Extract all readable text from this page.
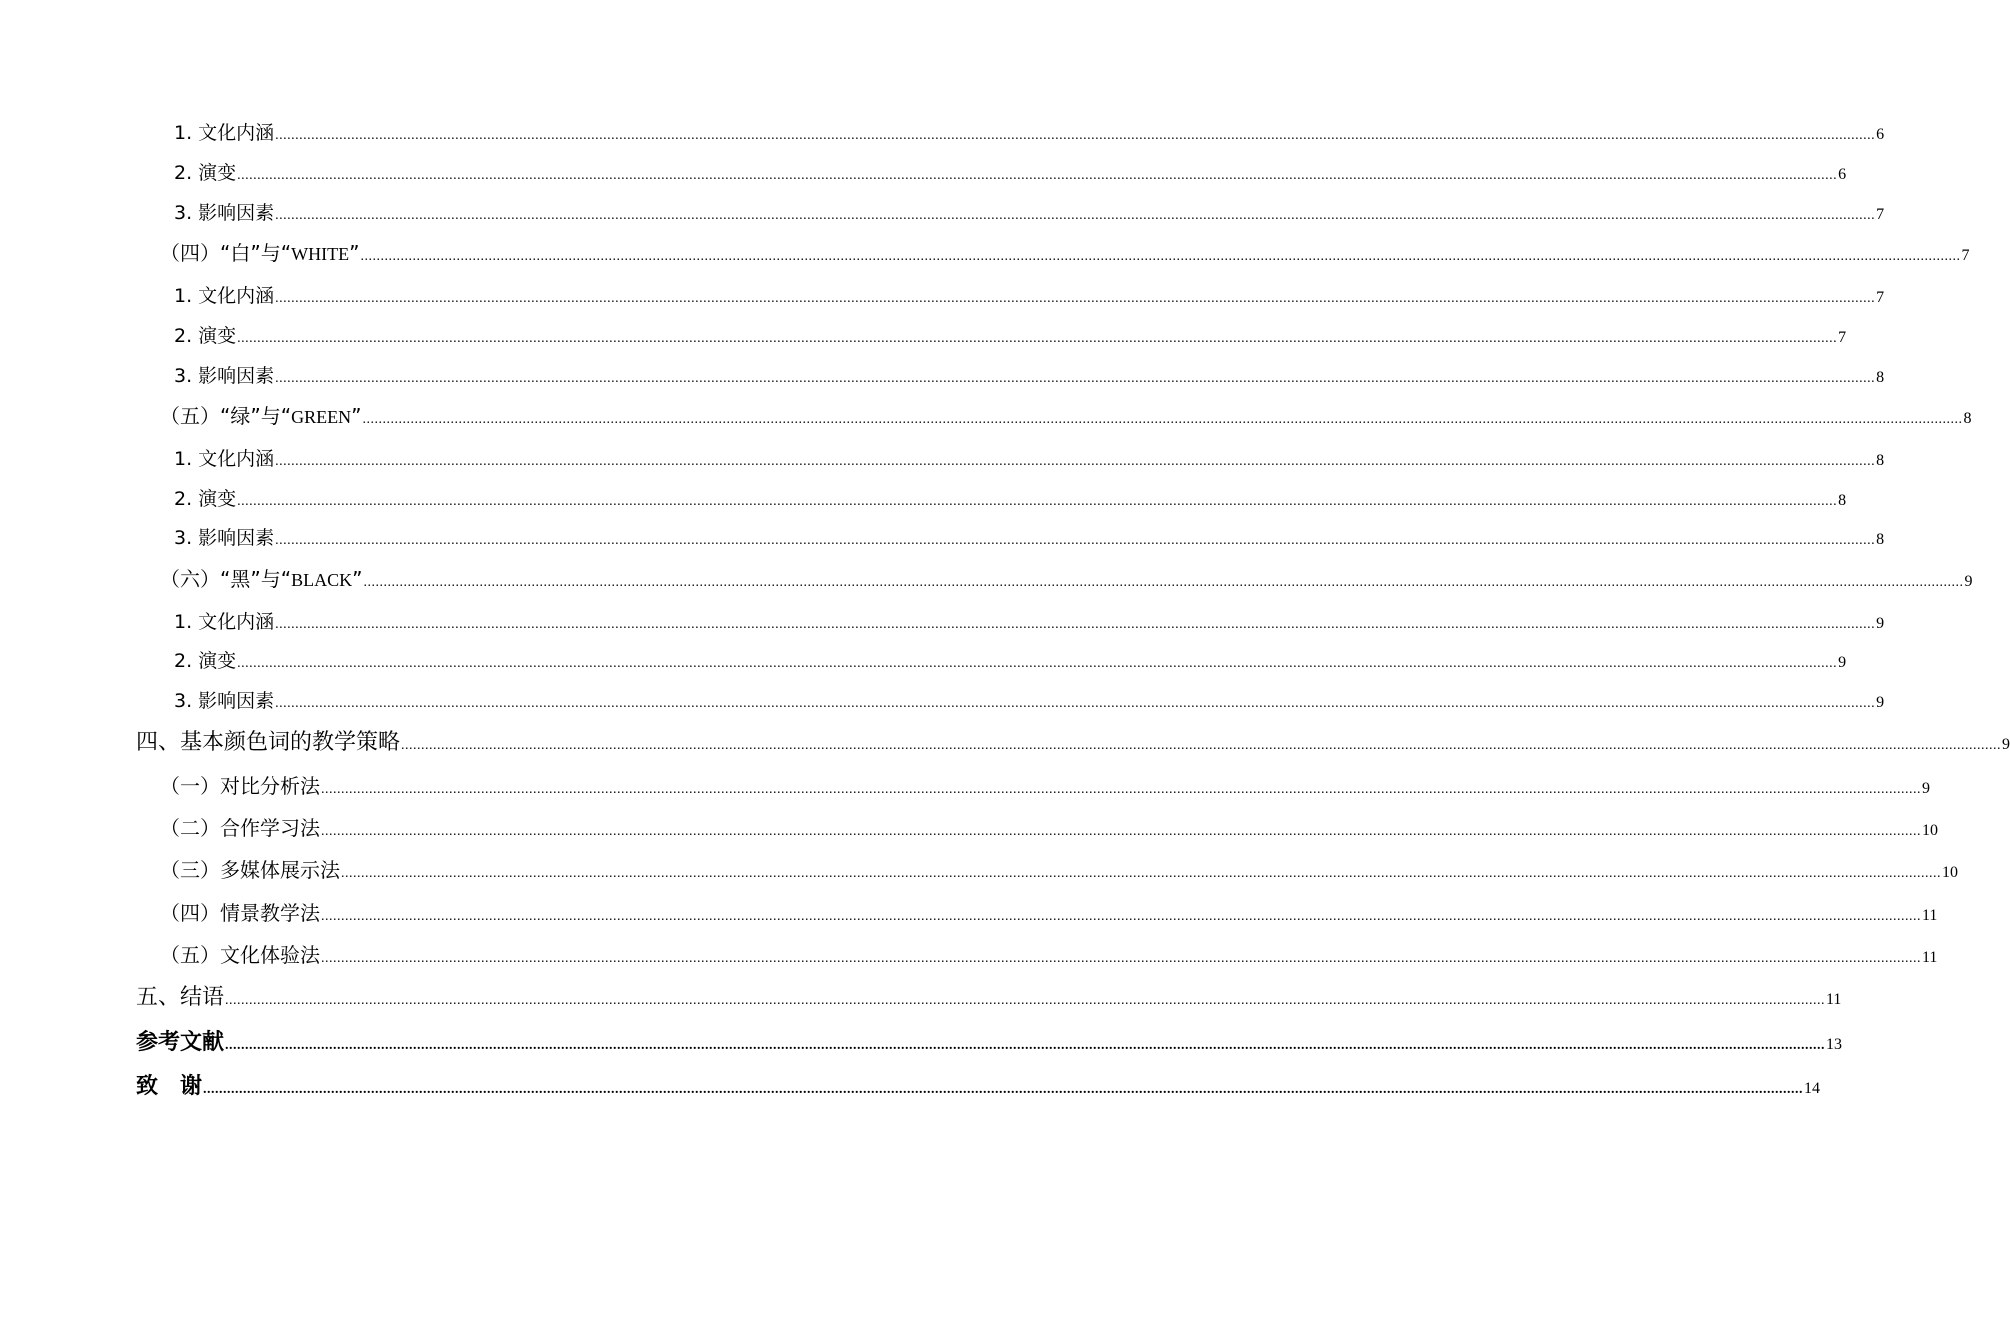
1. 文化内涵 ................................................................................................................................................................................................................................................................................................................................................................................................................ 6
2. 演变 ................................................................................................................................................................................................................................................................................................................................................................................................................ 6
3. 影响因素 ................................................................................................................................................................................................................................................................................................................................................................................................................ 7
（四）“白”与“WHITE” ................................................................................................................................................................................................................................................................................................................................................................................................................ 7
1. 文化内涵 ................................................................................................................................................................................................................................................................................................................................................................................................................ 7
2. 演变 ................................................................................................................................................................................................................................................................................................................................................................................................................ 7
3. 影响因素 ................................................................................................................................................................................................................................................................................................................................................................................................................ 8
（五）“绿”与“GREEN” ................................................................................................................................................................................................................................................................................................................................................................................................................ 8
1. 文化内涵 ................................................................................................................................................................................................................................................................................................................................................................................................................ 8
2. 演变 ................................................................................................................................................................................................................................................................................................................................................................................................................ 8
3. 影响因素 ................................................................................................................................................................................................................................................................................................................................................................................................................ 8
（六）“黑”与“BLACK” ................................................................................................................................................................................................................................................................................................................................................................................................................ 9
1. 文化内涵 ................................................................................................................................................................................................................................................................................................................................................................................................................ 9
2. 演变 ................................................................................................................................................................................................................................................................................................................................................................................................................ 9
3. 影响因素 ................................................................................................................................................................................................................................................................................................................................................................................................................ 9
四、基本颜色词的教学策略 ................................................................................................................................................................................................................................................................................................................................................................................................................ 9
（一）对比分析法 ................................................................................................................................................................................................................................................................................................................................................................................................................ 9
（二）合作学习法 ................................................................................................................................................................................................................................................................................................................................................................................................................ 10
（三）多媒体展示法 ................................................................................................................................................................................................................................................................................................................................................................................................................ 10
（四）情景教学法 ................................................................................................................................................................................................................................................................................................................................................................................................................ 11
（五）文化体验法 ................................................................................................................................................................................................................................................................................................................................................................................................................ 11
五、结语 ................................................................................................................................................................................................................................................................................................................................................................................................................ 11
参考文献 ................................................................................................................................................................................................................................................................................................................................................................................................................ 13
致　谢 ................................................................................................................................................................................................................................................................................................................................................................................................................ 14
